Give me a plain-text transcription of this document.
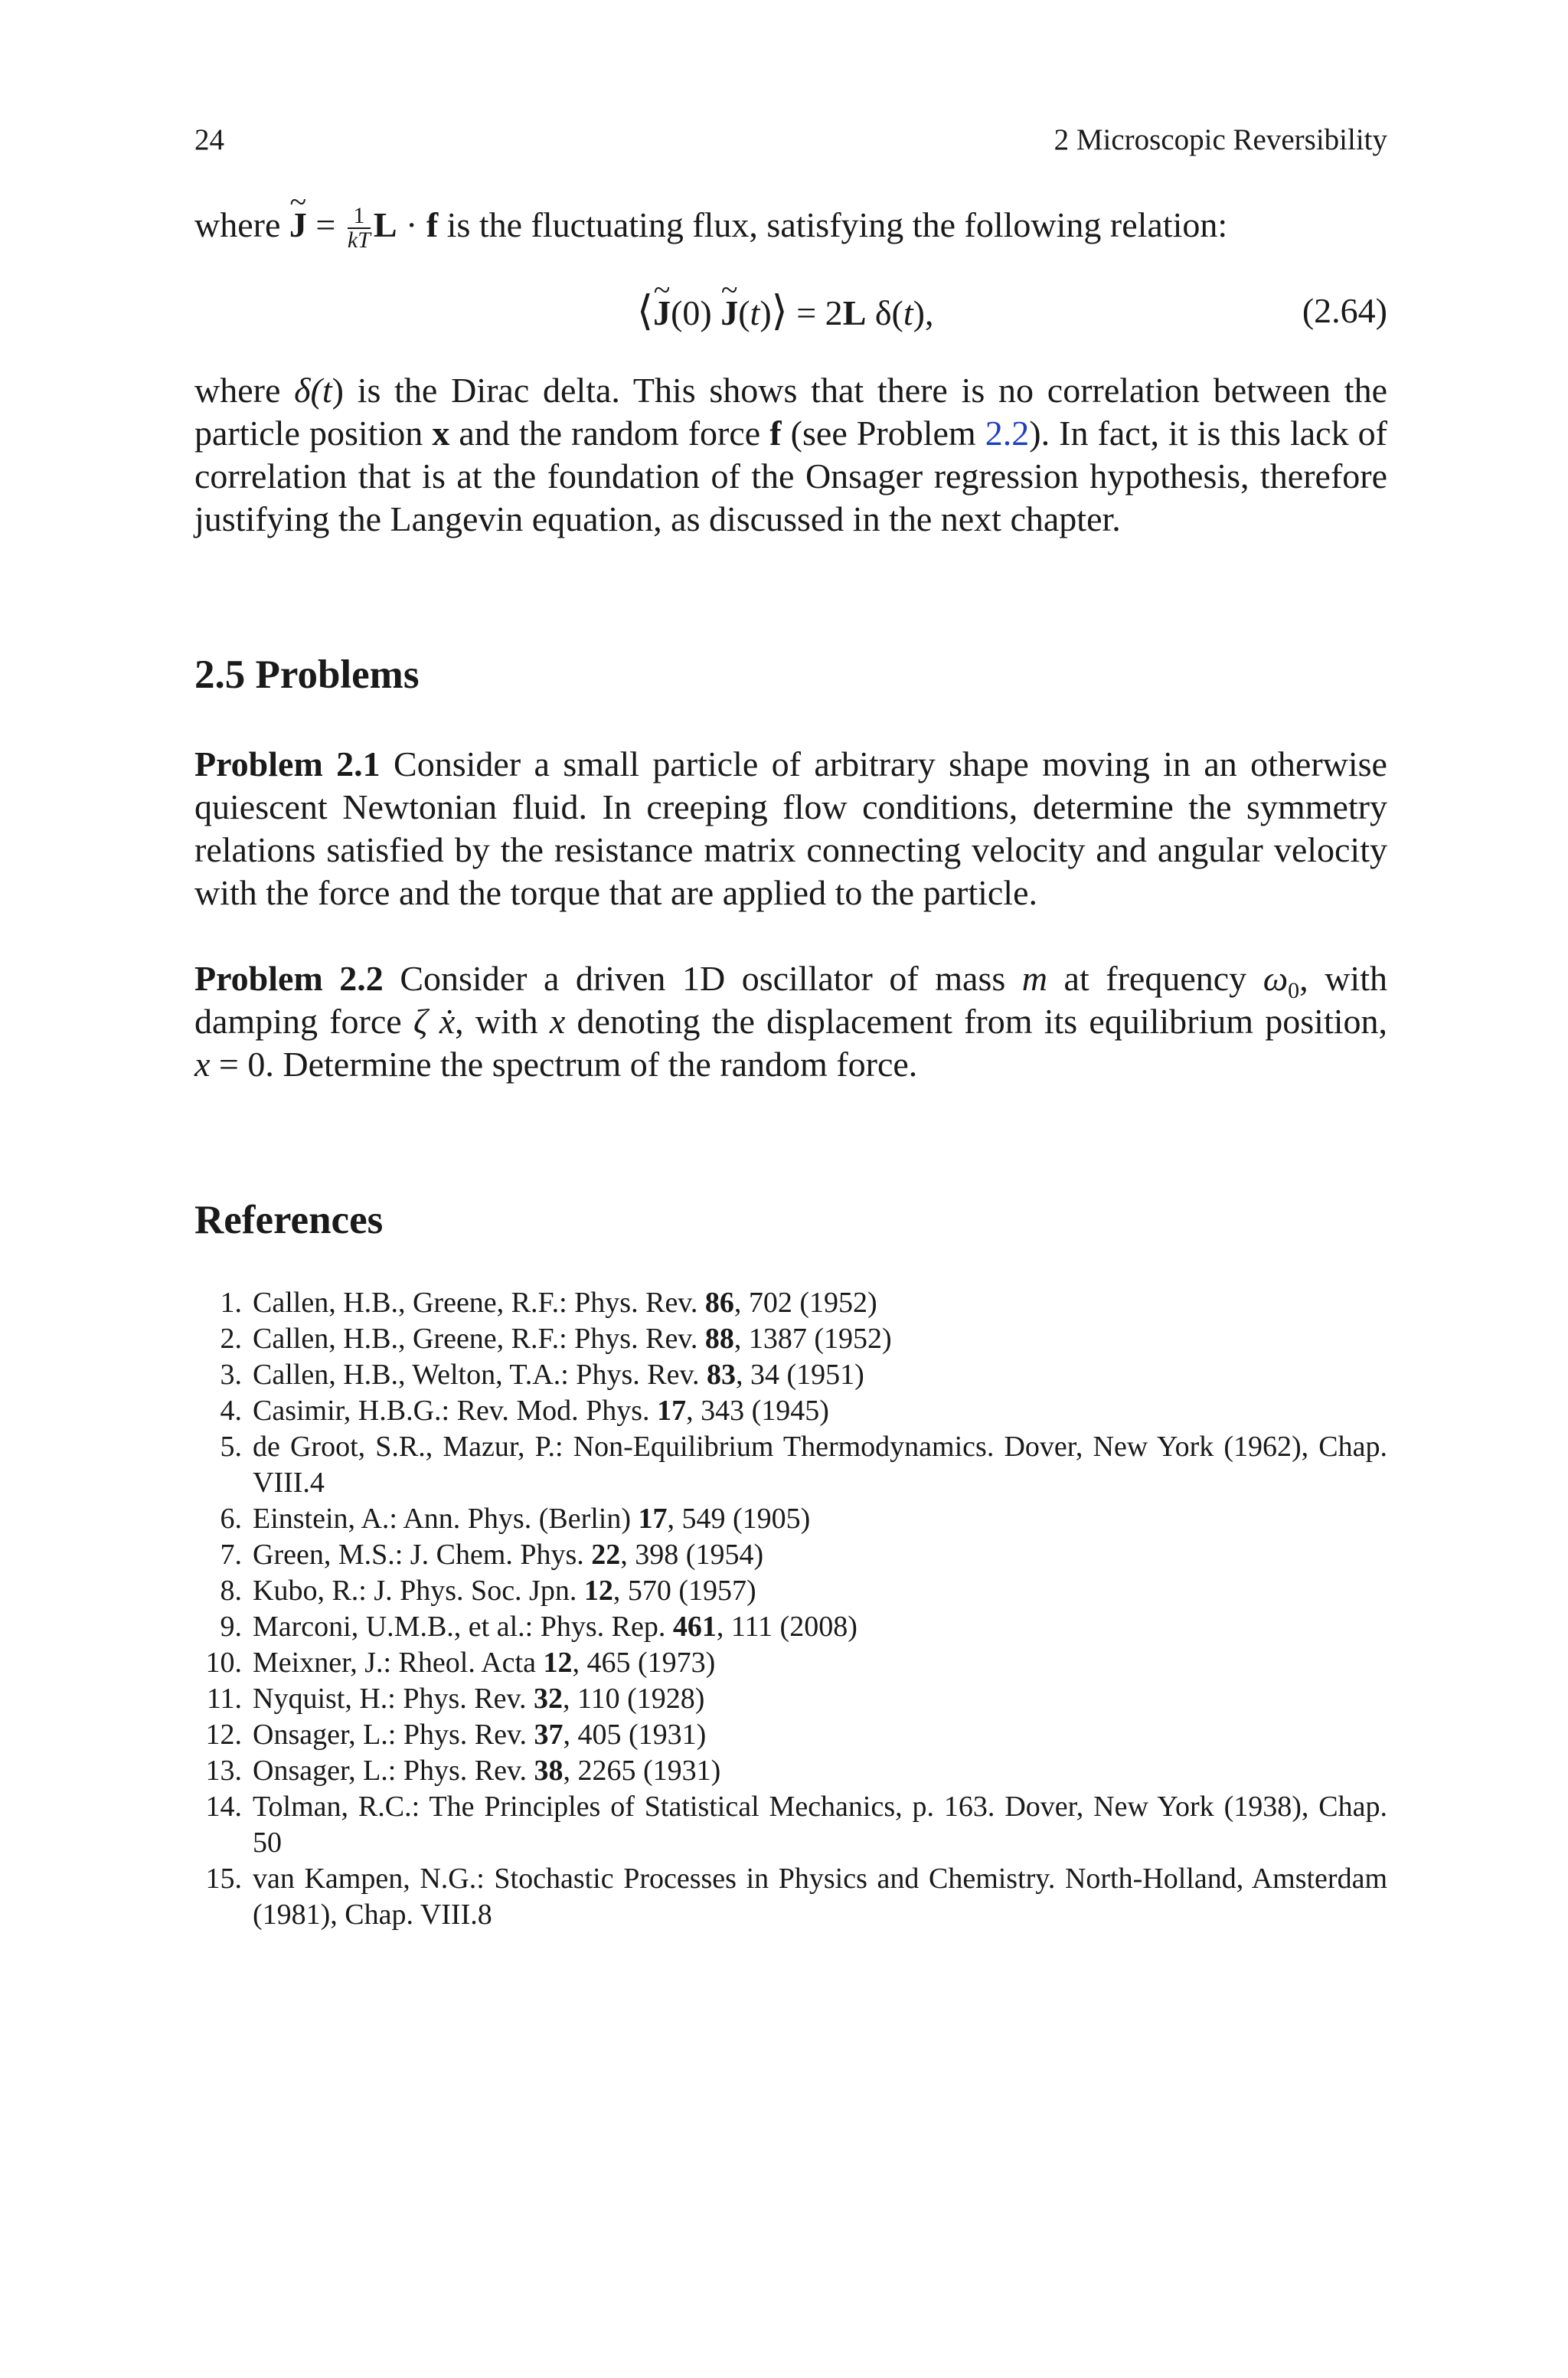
24	2 Microscopic Reversibility
where ~ $J = \frac{1}{kT}$ L · f is the fluctuating flux, satisfying the following relation:
⟨~ J(0) ~ J(t)⟩ = 2L δ(t),	(2.64)
where δ(t) is the Dirac delta. This shows that there is no correlation between the
particle position x and the random force f (see Problem 2.2). In fact, it is this lack of
correlation that is at the foundation of the Onsager regression hypothesis, therefore
justifying the Langevin equation, as discussed in the next chapter.
2.5 Problems
Problem 2.1 Consider a small particle of arbitrary shape moving in an otherwise
quiescent Newtonian fluid. In creeping flow conditions, determine the symmetry
relations satisfied by the resistance matrix connecting velocity and angular velocity
with the force and the torque that are applied to the particle.
Problem 2.2 Consider a driven 1D oscillator of mass m at frequency $\omega_0$, with
damping force ζ ẋ, with x denoting the displacement from its equilibrium position,
x = 0. Determine the spectrum of the random force.
References
1. Callen, H.B., Greene, R.F.: Phys. Rev. 86, 702 (1952)
2. Callen, H.B., Greene, R.F.: Phys. Rev. 88, 1387 (1952)
3. Callen, H.B., Welton, T.A.: Phys. Rev. 83, 34 (1951)
4. Casimir, H.B.G.: Rev. Mod. Phys. 17, 343 (1945)
5. de Groot, S.R., Mazur, P.: Non-Equilibrium Thermodynamics. Dover, New York (1962), Chap. VIII.4
6. Einstein, A.: Ann. Phys. (Berlin) 17, 549 (1905)
7. Green, M.S.: J. Chem. Phys. 22, 398 (1954)
8. Kubo, R.: J. Phys. Soc. Jpn. 12, 570 (1957)
9. Marconi, U.M.B., et al.: Phys. Rep. 461, 111 (2008)
10. Meixner, J.: Rheol. Acta 12, 465 (1973)
11. Nyquist, H.: Phys. Rev. 32, 110 (1928)
12. Onsager, L.: Phys. Rev. 37, 405 (1931)
13. Onsager, L.: Phys. Rev. 38, 2265 (1931)
14. Tolman, R.C.: The Principles of Statistical Mechanics, p. 163. Dover, New York (1938), Chap. 50
15. van Kampen, N.G.: Stochastic Processes in Physics and Chemistry. North-Holland, Amsterdam (1981), Chap. VIII.8
